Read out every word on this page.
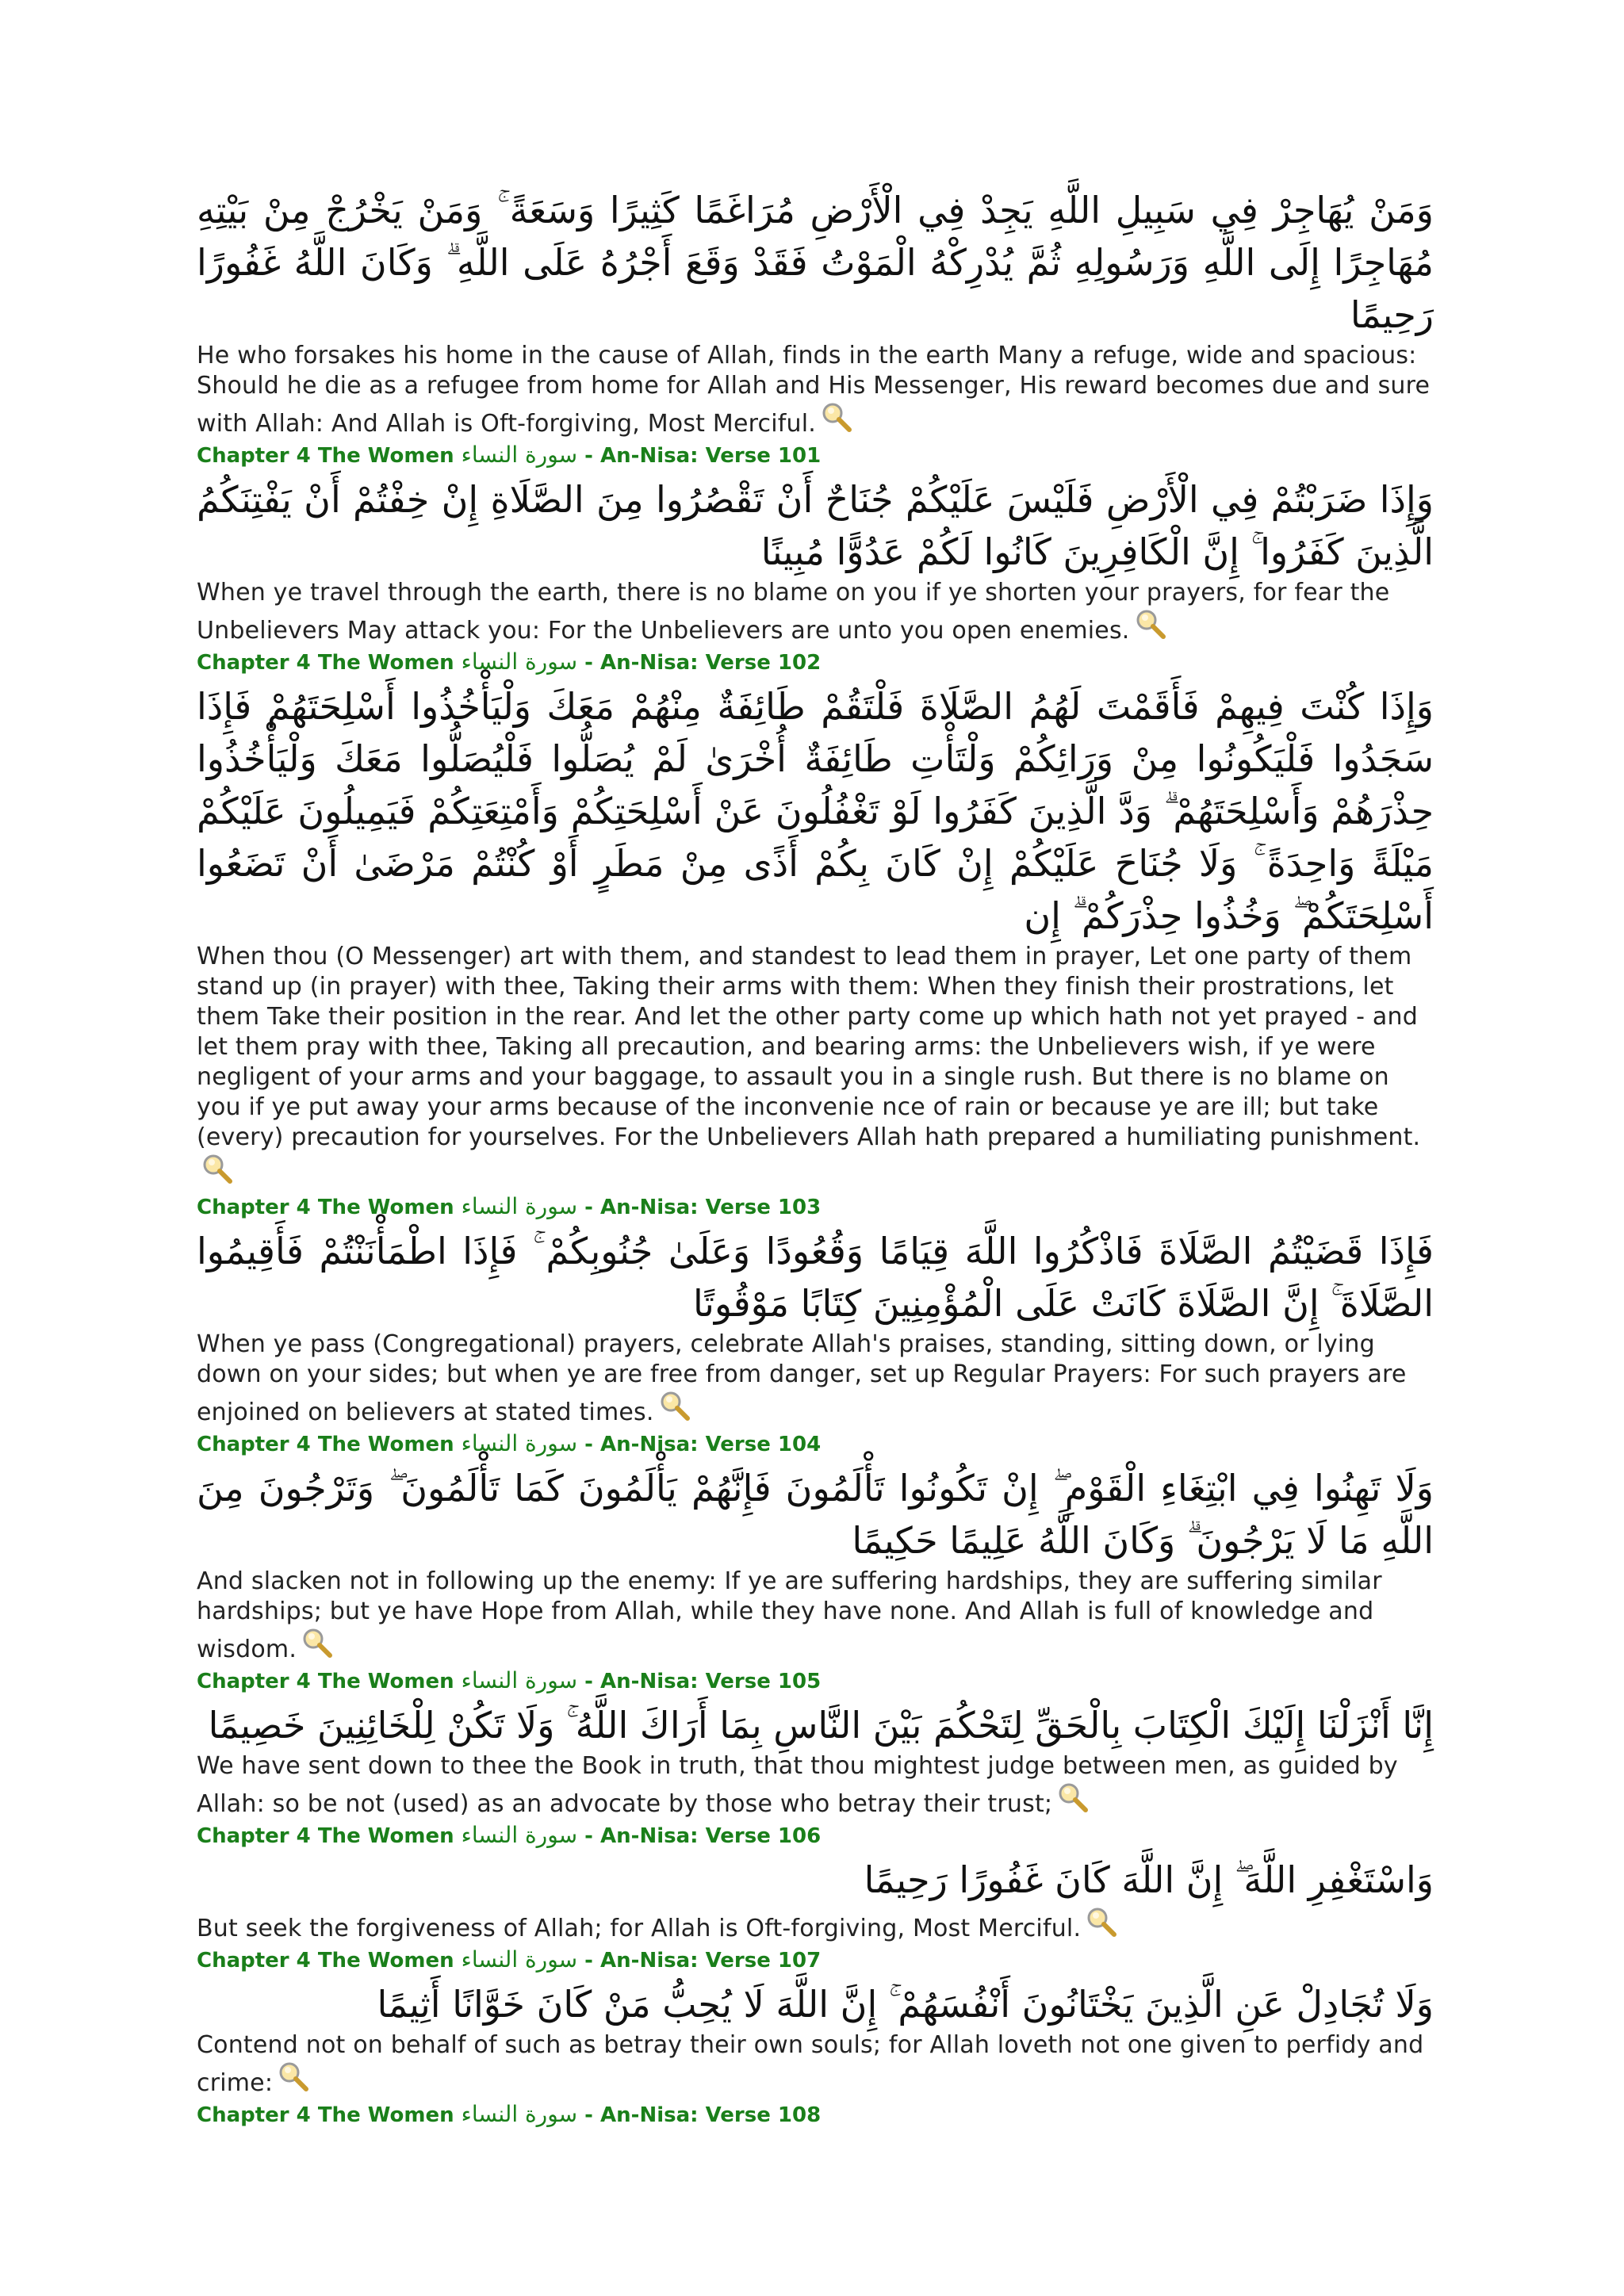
وَمَنْ يُهَاجِرْ فِي سَبِيلِ اللَّهِ يَجِدْ فِي الْأَرْضِ مُرَاغَمًا كَثِيرًا وَسَعَةً ۚ وَمَنْ يَخْرُجْ مِنْ بَيْتِهِ مُهَاجِرًا إِلَى اللَّهِ وَرَسُولِهِ ثُمَّ يُدْرِكْهُ الْمَوْتُ فَقَدْ وَقَعَ أَجْرُهُ عَلَى اللَّهِ ۗ وَكَانَ اللَّهُ غَفُورًا رَحِيمًا

He who forsakes his home in the cause of Allah, finds in the earth Many a refuge, wide and spacious: Should he die as a refugee from home for Allah and His Messenger, His reward becomes due and sure with Allah: And Allah is Oft-forgiving, Most Merciful.

Chapter 4 The Women سورة النساء - An-Nisa: Verse 101

وَإِذَا ضَرَبْتُمْ فِي الْأَرْضِ فَلَيْسَ عَلَيْكُمْ جُنَاحٌ أَنْ تَقْصُرُوا مِنَ الصَّلَاةِ إِنْ خِفْتُمْ أَنْ يَفْتِنَكُمُ الَّذِينَ كَفَرُوا ۚ إِنَّ الْكَافِرِينَ كَانُوا لَكُمْ عَدُوًّا مُبِينًا

When ye travel through the earth, there is no blame on you if ye shorten your prayers, for fear the Unbelievers May attack you: For the Unbelievers are unto you open enemies.

Chapter 4 The Women سورة النساء - An-Nisa: Verse 102

وَإِذَا كُنْتَ فِيهِمْ فَأَقَمْتَ لَهُمُ الصَّلَاةَ فَلْتَقُمْ طَائِفَةٌ مِنْهُمْ مَعَكَ وَلْيَأْخُذُوا أَسْلِحَتَهُمْ فَإِذَا سَجَدُوا فَلْيَكُونُوا مِنْ وَرَائِكُمْ وَلْتَأْتِ طَائِفَةٌ أُخْرَىٰ لَمْ يُصَلُّوا فَلْيُصَلُّوا مَعَكَ وَلْيَأْخُذُوا حِذْرَهُمْ وَأَسْلِحَتَهُمْ ۗ وَدَّ الَّذِينَ كَفَرُوا لَوْ تَغْفُلُونَ عَنْ أَسْلِحَتِكُمْ وَأَمْتِعَتِكُمْ فَيَمِيلُونَ عَلَيْكُمْ مَيْلَةً وَاحِدَةً ۚ وَلَا جُنَاحَ عَلَيْكُمْ إِنْ كَانَ بِكُمْ أَذًى مِنْ مَطَرٍ أَوْ كُنْتُمْ مَرْضَىٰ أَنْ تَضَعُوا أَسْلِحَتَكُمْ ۖ وَخُذُوا حِذْرَكُمْ ۗ إِن

When thou (O Messenger) art with them, and standest to lead them in prayer, Let one party of them stand up (in prayer) with thee, Taking their arms with them: When they finish their prostrations, let them Take their position in the rear. And let the other party come up which hath not yet prayed - and let them pray with thee, Taking all precaution, and bearing arms: the Unbelievers wish, if ye were negligent of your arms and your baggage, to assault you in a single rush. But there is no blame on you if ye put away your arms because of the inconvenie nce of rain or because ye are ill; but take (every) precaution for yourselves. For the Unbelievers Allah hath prepared a humiliating punishment.

Chapter 4 The Women سورة النساء - An-Nisa: Verse 103

فَإِذَا قَضَيْتُمُ الصَّلَاةَ فَاذْكُرُوا اللَّهَ قِيَامًا وَقُعُودًا وَعَلَىٰ جُنُوبِكُمْ ۚ فَإِذَا اطْمَأْنَنْتُمْ فَأَقِيمُوا الصَّلَاةَ ۚ إِنَّ الصَّلَاةَ كَانَتْ عَلَى الْمُؤْمِنِينَ كِتَابًا مَوْقُوتًا

When ye pass (Congregational) prayers, celebrate Allah's praises, standing, sitting down, or lying down on your sides; but when ye are free from danger, set up Regular Prayers: For such prayers are enjoined on believers at stated times.

Chapter 4 The Women سورة النساء - An-Nisa: Verse 104

وَلَا تَهِنُوا فِي ابْتِغَاءِ الْقَوْمِ ۖ إِنْ تَكُونُوا تَأْلَمُونَ فَإِنَّهُمْ يَأْلَمُونَ كَمَا تَأْلَمُونَ ۖ وَتَرْجُونَ مِنَ اللَّهِ مَا لَا يَرْجُونَ ۗ وَكَانَ اللَّهُ عَلِيمًا حَكِيمًا

And slacken not in following up the enemy: If ye are suffering hardships, they are suffering similar hardships; but ye have Hope from Allah, while they have none. And Allah is full of knowledge and wisdom.

Chapter 4 The Women سورة النساء - An-Nisa: Verse 105

إِنَّا أَنْزَلْنَا إِلَيْكَ الْكِتَابَ بِالْحَقِّ لِتَحْكُمَ بَيْنَ النَّاسِ بِمَا أَرَاكَ اللَّهُ ۚ وَلَا تَكُنْ لِلْخَائِنِينَ خَصِيمًا

We have sent down to thee the Book in truth, that thou mightest judge between men, as guided by Allah: so be not (used) as an advocate by those who betray their trust;

Chapter 4 The Women سورة النساء - An-Nisa: Verse 106

وَاسْتَغْفِرِ اللَّهَ ۖ إِنَّ اللَّهَ كَانَ غَفُورًا رَحِيمًا

But seek the forgiveness of Allah; for Allah is Oft-forgiving, Most Merciful.

Chapter 4 The Women سورة النساء - An-Nisa: Verse 107

وَلَا تُجَادِلْ عَنِ الَّذِينَ يَخْتَانُونَ أَنْفُسَهُمْ ۚ إِنَّ اللَّهَ لَا يُحِبُّ مَنْ كَانَ خَوَّانًا أَثِيمًا

Contend not on behalf of such as betray their own souls; for Allah loveth not one given to perfidy and crime:

Chapter 4 The Women سورة النساء - An-Nisa: Verse 108
